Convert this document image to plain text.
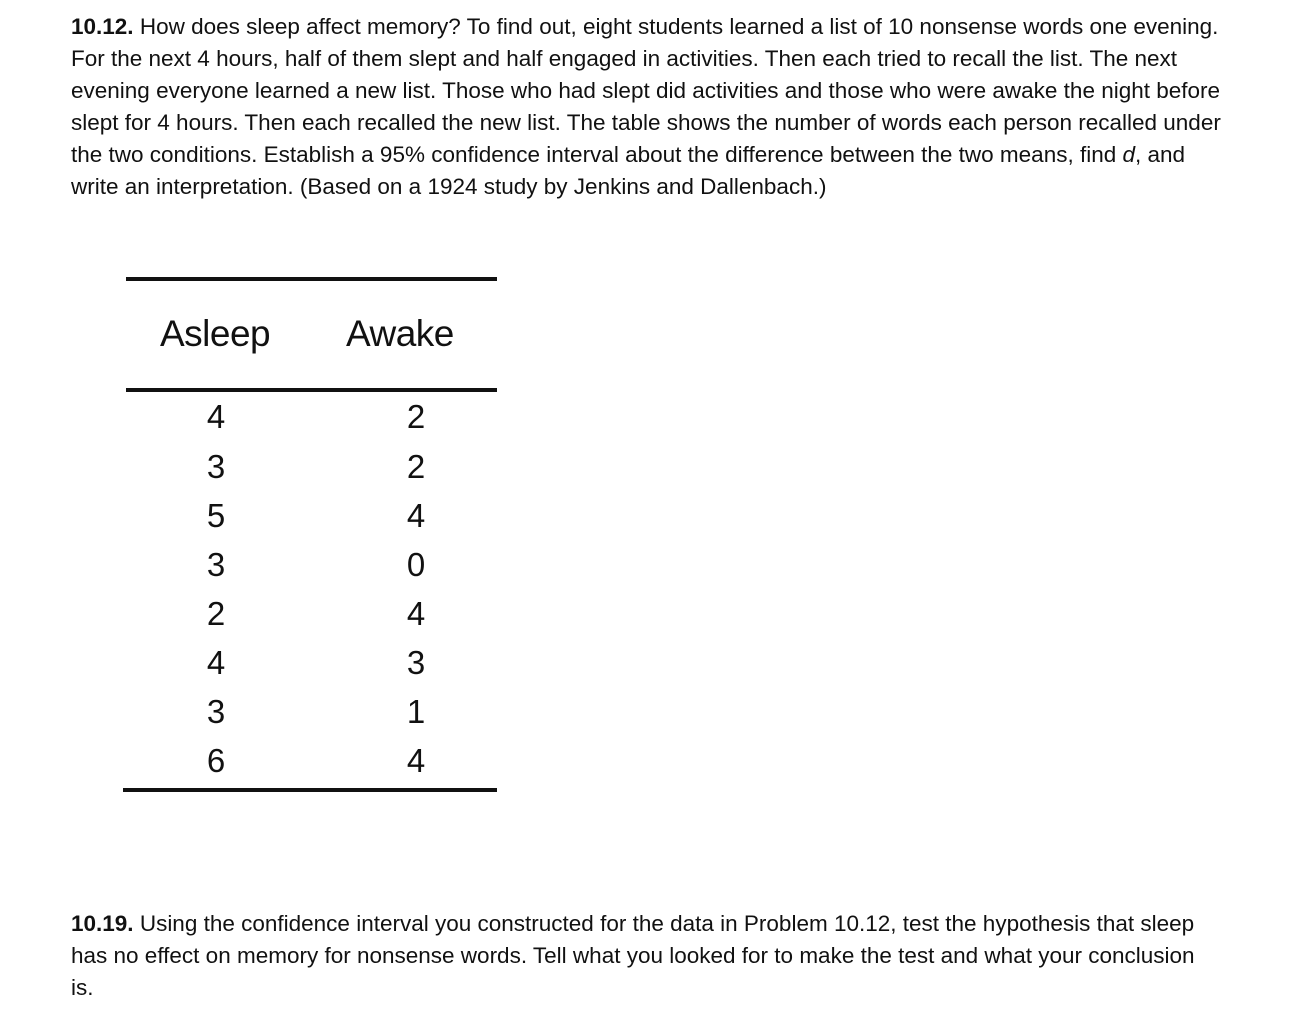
10.12. How does sleep affect memory? To find out, eight students learned a list of 10 nonsense words one evening. For the next 4 hours, half of them slept and half engaged in activities. Then each tried to recall the list. The next evening everyone learned a new list. Those who had slept did activities and those who were awake the night before slept for 4 hours. Then each recalled the new list. The table shows the number of words each person recalled under the two conditions. Establish a 95% confidence interval about the difference between the two means, find d, and write an interpretation. (Based on a 1924 study by Jenkins and Dallenbach.)

Asleep Awake
4	2
3	2
5	4
3	0
2	4
4	3
3	1
6	4

10.19. Using the confidence interval you constructed for the data in Problem 10.12, test the hypothesis that sleep has no effect on memory for nonsense words. Tell what you looked for to make the test and what your conclusion is.
